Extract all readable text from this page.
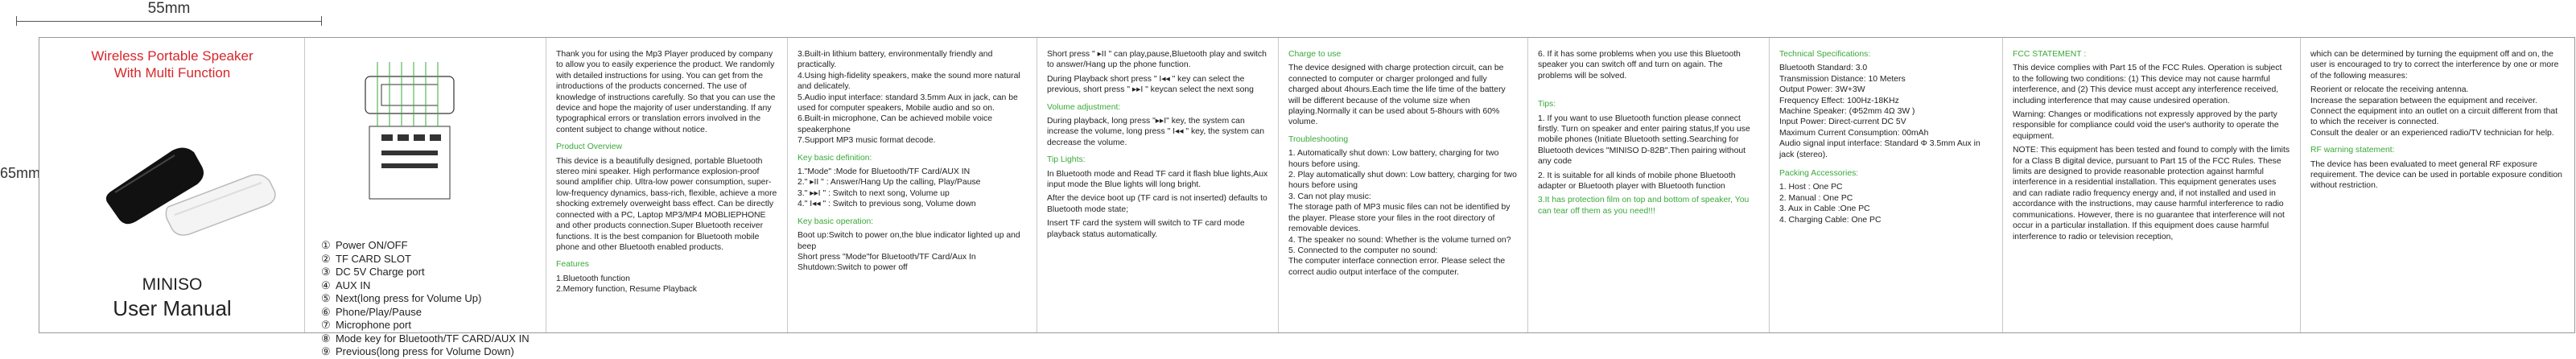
55mm
65mm
Wireless Portable Speaker
With Multi Function
MINISO
User Manual
① Power ON/OFF
② TF CARD SLOT
③ DC 5V Charge port
④ AUX IN
⑤ Next(long press for Volume Up)
⑥ Phone/Play/Pause
⑦ Microphone port
⑧ Mode key for Bluetooth/TF CARD/AUX IN
⑨ Previous(long press for Volume Down)

Thank you for using the Mp3 Player produced by company to allow you to easily experience the product. We randomly with detailed instructions for using. You can get from the introductions of the products concerned. The use of knowledge of instructions carefully. So that you can use the device and hope the majority of user understanding. If any typographical errors or translation errors involved in the content subject to change without notice.

Product Overview

This device is a beautifully designed, portable Bluetooth stereo mini speaker. High performance explosion-proof sound amplifier chip. Ultra-low power consumption, super-low-frequency dynamics, bass-rich, flexible, achieve a more shocking extremely overweight bass effect. Can be directly connected with a PC, Laptop MP3/MP4 MOBLIEPHONE and other products connection.Super Bluetooth receiver functions. It is the best companion for Bluetooth mobile phone and other Bluetooth enabled products.

Features

1.Bluetooth function
2.Memory function, Resume Playback
3.Built-in lithium battery, environmentally friendly and practically.
4.Using high-fidelity speakers, make the sound more natural and delicately.
5.Audio input interface: standard 3.5mm Aux in jack, can be used for computer speakers, Mobile audio and so on.
6.Built-in microphone, Can be achieved mobile voice speakerphone
7.Support MP3 music format decode.

Key basic definition:

1."Mode" :Mode for Bluetooth/TF Card/AUX IN
2." ▸II " : Answer/Hang Up the calling, Play/Pause
3." ▸▸I " : Switch to next song, Volume up
4." I◂◂ " : Switch to previous song, Volume down

Key basic operation:

Boot up:Switch to power on,the blue indicator lighted up and beep
Short press "Mode"for Bluetooth/TF Card/Aux In
Shutdown:Switch to power off

Short press " ▸II " can play,pause,Bluetooth play and switch to answer/Hang up the phone function.

During Playback short press " I◂◂ " key can select the previous, short press " ▸▸I " keycan select the next song

Volume adjustment:

During playback, long press "▸▸I" key, the system can increase the volume, long press " I◂◂ " key, the system can decrease the volume.

Tip Lights:

In Bluetooth mode and Read TF card it flash blue lights,Aux input mode the Blue lights will long bright.

After the device boot up (TF card is not inserted) defaults to Bluetooth mode state;

Insert TF card the system will switch to TF card mode playback status automatically.

Charge to use

The device designed with charge protection circuit, can be connected to computer or charger prolonged and fully charged about 4hours.Each time the life time of the battery will be different because of the volume size when playing.Normally it can be used about 5-8hours with 60% volume.

Troubleshooting

1. Automatically shut down: Low battery, charging for two hours before using.
2. Play automatically shut down: Low battery, charging for two hours before using
3. Can not play music:
The storage path of MP3 music files can not be identified by the player. Please store your files in the root directory of removable devices.
4. The speaker no sound: Whether is the volume turned on?
5. Connected to the computer no sound:
The computer interface connection error. Please select the correct audio output interface of the computer.

6. If it has some problems when you use this Bluetooth speaker you can switch off and turn on again. The problems will be solved.

Tips:

1. If you want to use Bluetooth function please connect firstly. Turn on speaker and enter pairing status,If you use mobile phones (Initiate Bluetooth setting.Searching for Bluetooth devices "MINISO D-82B".Then pairing without any code

2. It is suitable for all kinds of mobile phone Bluetooth adapter or Bluetooth player with Bluetooth function

3.It has protection film on top and bottom of speaker, You can tear off them as you need!!!

Technical Specifications:

Bluetooth Standard: 3.0
Transmission Distance: 10 Meters
Output Power: 3W+3W
Frequency Effect: 100Hz-18KHz
Machine Speaker: (Φ52mm 4Ω 3W )
Input Power: Direct-current DC 5V
Maximum Current Consumption: 00mAh
Audio signal input interface: Standard Φ 3.5mm Aux in jack (stereo).

Packing Accessories:

1. Host : One PC
2. Manual : One PC
3. Aux in Cable :One PC
4. Charging Cable: One PC

FCC STATEMENT :

This device complies with Part 15 of the FCC Rules. Operation is subject to the following two conditions: (1) This device may not cause harmful interference, and (2) This device must accept any interference received, including interference that may cause undesired operation.

Warning: Changes or modifications not expressly approved by the party responsible for compliance could void the user's authority to operate the equipment.

NOTE: This equipment has been tested and found to comply with the limits for a Class B digital device, pursuant to Part 15 of the FCC Rules. These limits are designed to provide reasonable protection against harmful interference in a residential installation. This equipment generates uses and can radiate radio frequency energy and, if not installed and used in accordance with the instructions, may cause harmful interference to radio communications. However, there is no guarantee that interference will not occur in a particular installation. If this equipment does cause harmful interference to radio or television reception,

which can be determined by turning the equipment off and on, the user is encouraged to try to correct the interference by one or more of the following measures:

Reorient or relocate the receiving antenna.
Increase the separation between the equipment and receiver.
Connect the equipment into an outlet on a circuit different from that to which the receiver is connected.
Consult the dealer or an experienced radio/TV technician for help.

RF warning statement:

The device has been evaluated to meet general RF exposure requirement. The device can be used in portable exposure condition without restriction.
